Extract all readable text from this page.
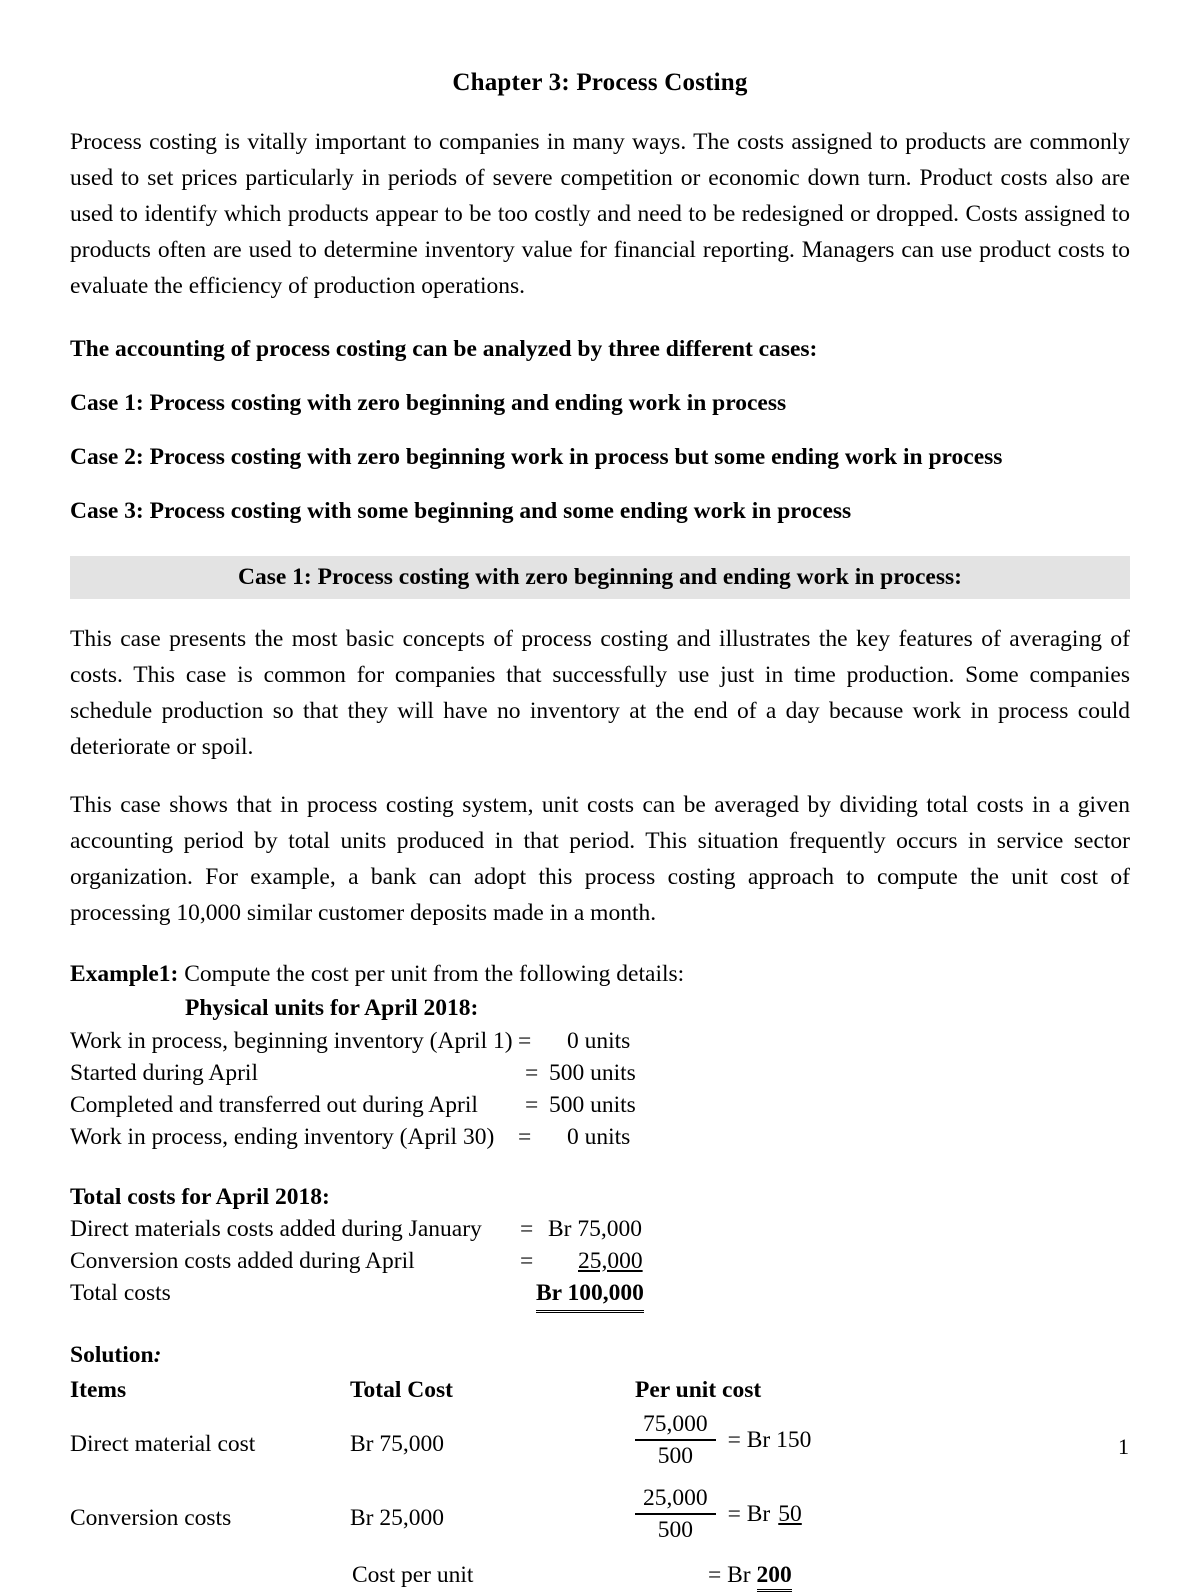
Chapter 3: Process Costing
Process costing is vitally important to companies in many ways. The costs assigned to products are commonly used to set prices particularly in periods of severe competition or economic down turn. Product costs also are used to identify which products appear to be too costly and need to be redesigned or dropped. Costs assigned to products often are used to determine inventory value for financial reporting. Managers can use product costs to evaluate the efficiency of production operations.
The accounting of process costing can be analyzed by three different cases:
Case 1: Process costing with zero beginning and ending work in process
Case 2: Process costing with zero beginning work in process but some ending work in process
Case 3: Process costing with some beginning and some ending work in process
Case 1: Process costing with zero beginning and ending work in process:
This case presents the most basic concepts of process costing and illustrates the key features of averaging of costs. This case is common for companies that successfully use just in time production. Some companies schedule production so that they will have no inventory at the end of a day because work in process could deteriorate or spoil.
This case shows that in process costing system, unit costs can be averaged by dividing total costs in a given accounting period by total units produced in that period. This situation frequently occurs in service sector organization. For example, a bank can adopt this process costing approach to compute the unit cost of processing 10,000 similar customer deposits made in a month.
Example1: Compute the cost per unit from the following details:
Physical units for April 2018:
Work in process, beginning inventory (April 1) = 0 units
Started during April	= 500 units
Completed and transferred out during April = 500 units
Work in process, ending inventory (April 30) = 0 units
Total costs for April 2018:
Direct materials costs added during January = Br 75,000
Conversion costs added during April	= 25,000
Total costs	Br 100,000
Solution:
Items	Total Cost	Per unit cost
Direct material cost	Br 75,000	$\frac{75,000}{500} = Br$ 150
Conversion costs	Br 25,000	$\frac{25,000}{500} = Br$ 50
Cost per unit	= Br 200
1
